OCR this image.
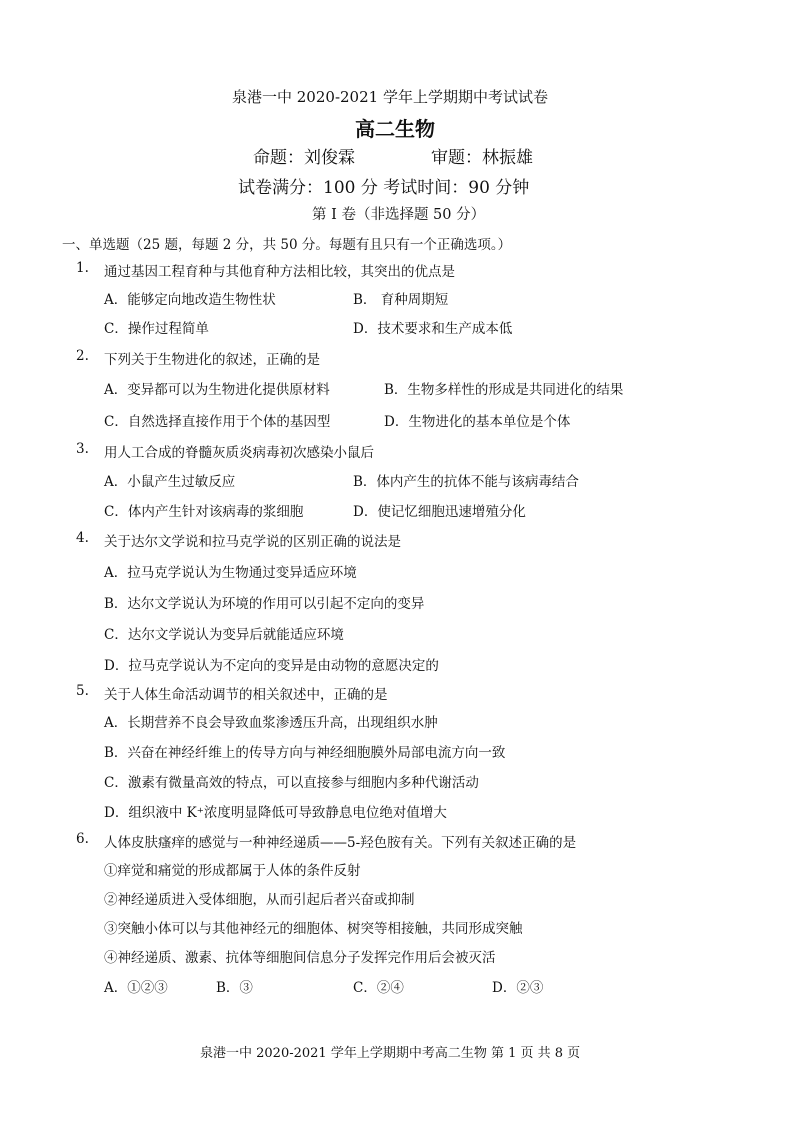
泉港一中 2020-2021 学年上学期期中考试试卷
高二生物
命题：刘俊霖	审题：林振雄
试卷满分：100 分 考试时间：90 分钟
第 I 卷（非选择题 50 分）
一、单选题（25 题，每题 2 分，共 50 分。每题有且只有一个正确选项。）
1. 通过基因工程育种与其他育种方法相比较，其突出的优点是
A．能够定向地改造生物性状	B． 育种周期短
C．操作过程简单	D．技术要求和生产成本低
2. 下列关于生物进化的叙述，正确的是
A．变异都可以为生物进化提供原材料	B．生物多样性的形成是共同进化的结果
C．自然选择直接作用于个体的基因型	D．生物进化的基本单位是个体
3. 用人工合成的脊髓灰质炎病毒初次感染小鼠后
A．小鼠产生过敏反应	B．体内产生的抗体不能与该病毒结合
C．体内产生针对该病毒的浆细胞	D．使记忆细胞迅速增殖分化
4. 关于达尔文学说和拉马克学说的区别正确的说法是
A．拉马克学说认为生物通过变异适应环境
B．达尔文学说认为环境的作用可以引起不定向的变异
C．达尔文学说认为变异后就能适应环境
D．拉马克学说认为不定向的变异是由动物的意愿决定的
5. 关于人体生命活动调节的相关叙述中，正确的是
A．长期营养不良会导致血浆渗透压升高，出现组织水肿
B．兴奋在神经纤维上的传导方向与神经细胞膜外局部电流方向一致
C．激素有微量高效的特点，可以直接参与细胞内多种代谢活动
D．组织液中 K⁺浓度明显降低可导致静息电位绝对值增大
6. 人体皮肤瘙痒的感觉与一种神经递质——5-羟色胺有关。下列有关叙述正确的是
①痒觉和痛觉的形成都属于人体的条件反射
②神经递质进入受体细胞，从而引起后者兴奋或抑制
③突触小体可以与其他神经元的细胞体、树突等相接触，共同形成突触
④神经递质、激素、抗体等细胞间信息分子发挥完作用后会被灭活
A．①②③	B．③	C．②④	D．②③
泉港一中 2020-2021 学年上学期期中考高二生物 第 1 页 共 8 页
